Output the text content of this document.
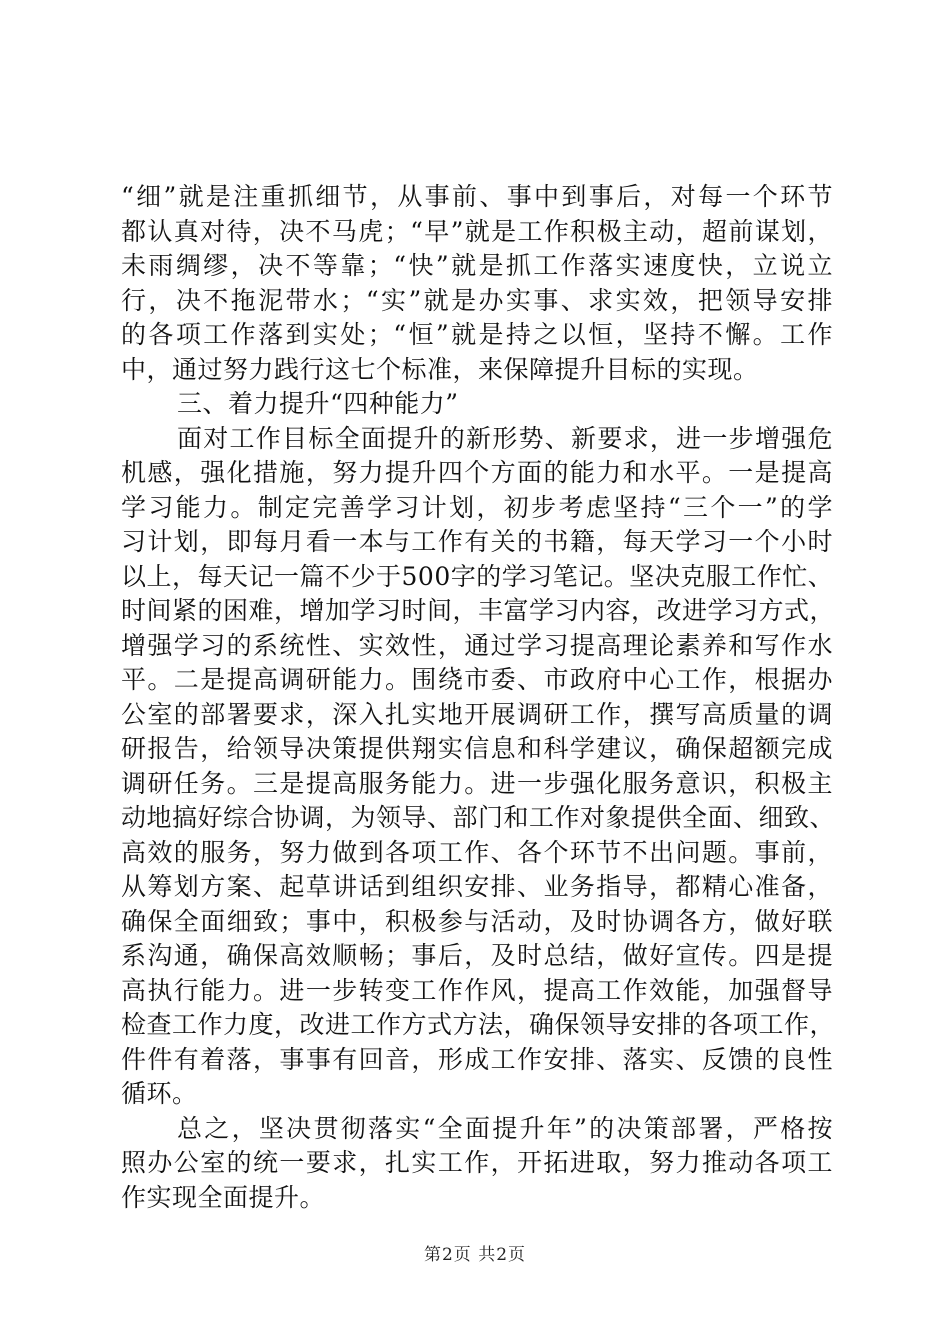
“细”就是注重抓细节，从事前、事中到事后，对每一个环节
都认真对待，决不马虎；“早”就是工作积极主动，超前谋划，
未雨绸缪，决不等靠；“快”就是抓工作落实速度快，立说立
行，决不拖泥带水；“实”就是办实事、求实效，把领导安排
的各项工作落到实处；“恒”就是持之以恒，坚持不懈。工作
中，通过努力践行这七个标准，来保障提升目标的实现。
三、着力提升“四种能力”
面对工作目标全面提升的新形势、新要求，进一步增强危
机感，强化措施，努力提升四个方面的能力和水平。一是提高
学习能力。制定完善学习计划，初步考虑坚持“三个一”的学
习计划，即每月看一本与工作有关的书籍，每天学习一个小时
以上，每天记一篇不少于500字的学习笔记。坚决克服工作忙、
时间紧的困难，增加学习时间，丰富学习内容，改进学习方式，
增强学习的系统性、实效性，通过学习提高理论素养和写作水
平。二是提高调研能力。围绕市委、市政府中心工作，根据办
公室的部署要求，深入扎实地开展调研工作，撰写高质量的调
研报告，给领导决策提供翔实信息和科学建议，确保超额完成
调研任务。三是提高服务能力。进一步强化服务意识，积极主
动地搞好综合协调，为领导、部门和工作对象提供全面、细致、
高效的服务，努力做到各项工作、各个环节不出问题。事前，
从筹划方案、起草讲话到组织安排、业务指导，都精心准备，
确保全面细致；事中，积极参与活动，及时协调各方，做好联
系沟通，确保高效顺畅；事后，及时总结，做好宣传。四是提
高执行能力。进一步转变工作作风，提高工作效能，加强督导
检查工作力度，改进工作方式方法，确保领导安排的各项工作，
件件有着落，事事有回音，形成工作安排、落实、反馈的良性
循环。
总之，坚决贯彻落实“全面提升年”的决策部署，严格按
照办公室的统一要求，扎实工作，开拓进取，努力推动各项工
作实现全面提升。
第2页 共2页
